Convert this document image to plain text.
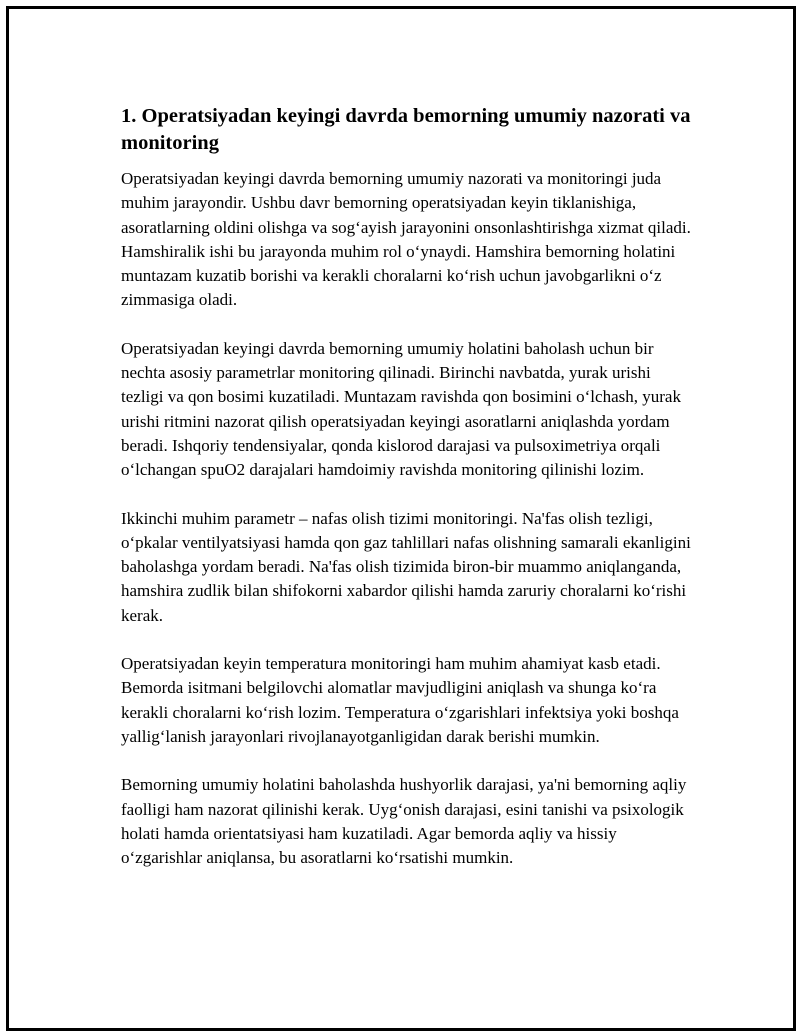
1. Operatsiyadan keyingi davrda bemorning umumiy nazorati va monitoring

Operatsiyadan keyingi davrda bemorning umumiy nazorati va monitoringi juda muhim jarayondir. Ushbu davr bemorning operatsiyadan keyin tiklanishiga, asoratlarning oldini olishga va sog‘ayish jarayonini onsonlashtirishga xizmat qiladi. Hamshiralik ishi bu jarayonda muhim rol o‘ynaydi. Hamshira bemorning holatini muntazam kuzatib borishi va kerakli choralarni ko‘rish uchun javobgarlikni o‘z zimmasiga oladi.

Operatsiyadan keyingi davrda bemorning umumiy holatini baholash uchun bir nechta asosiy parametrlar monitoring qilinadi. Birinchi navbatda, yurak urishi tezligi va qon bosimi kuzatiladi. Muntazam ravishda qon bosimini o‘lchash, yurak urishi ritmini nazorat qilish operatsiyadan keyingi asoratlarni aniqlashda yordam beradi. Ishqoriy tendensiyalar, qonda kislorod darajasi va pulsoximetriya orqali o‘lchangan spuO2 darajalari hamdoimiy ravishda monitoring qilinishi lozim.

Ikkinchi muhim parametr – nafas olish tizimi monitoringi. Na'fas olish tezligi, o‘pkalar ventilyatsiyasi hamda qon gaz tahlillari nafas olishning samarali ekanligini baholashga yordam beradi. Na'fas olish tizimida biron-bir muammo aniqlanganda, hamshira zudlik bilan shifokorni xabardor qilishi hamda zaruriy choralarni ko‘rishi kerak.

Operatsiyadan keyin temperatura monitoringi ham muhim ahamiyat kasb etadi. Bemorda isitmani belgilovchi alomatlar mavjudligini aniqlash va shunga ko‘ra kerakli choralarni ko‘rish lozim. Temperatura o‘zgarishlari infektsiya yoki boshqa yallig‘lanish jarayonlari rivojlanayotganligidan darak berishi mumkin.

Bemorning umumiy holatini baholashda hushyorlik darajasi, ya'ni bemorning aqliy faolligi ham nazorat qilinishi kerak. Uyg‘onish darajasi, esini tanishi va psixologik holati hamda orientatsiyasi ham kuzatiladi. Agar bemorda aqliy va hissiy o‘zgarishlar aniqlansa, bu asoratlarni ko‘rsatishi mumkin.
